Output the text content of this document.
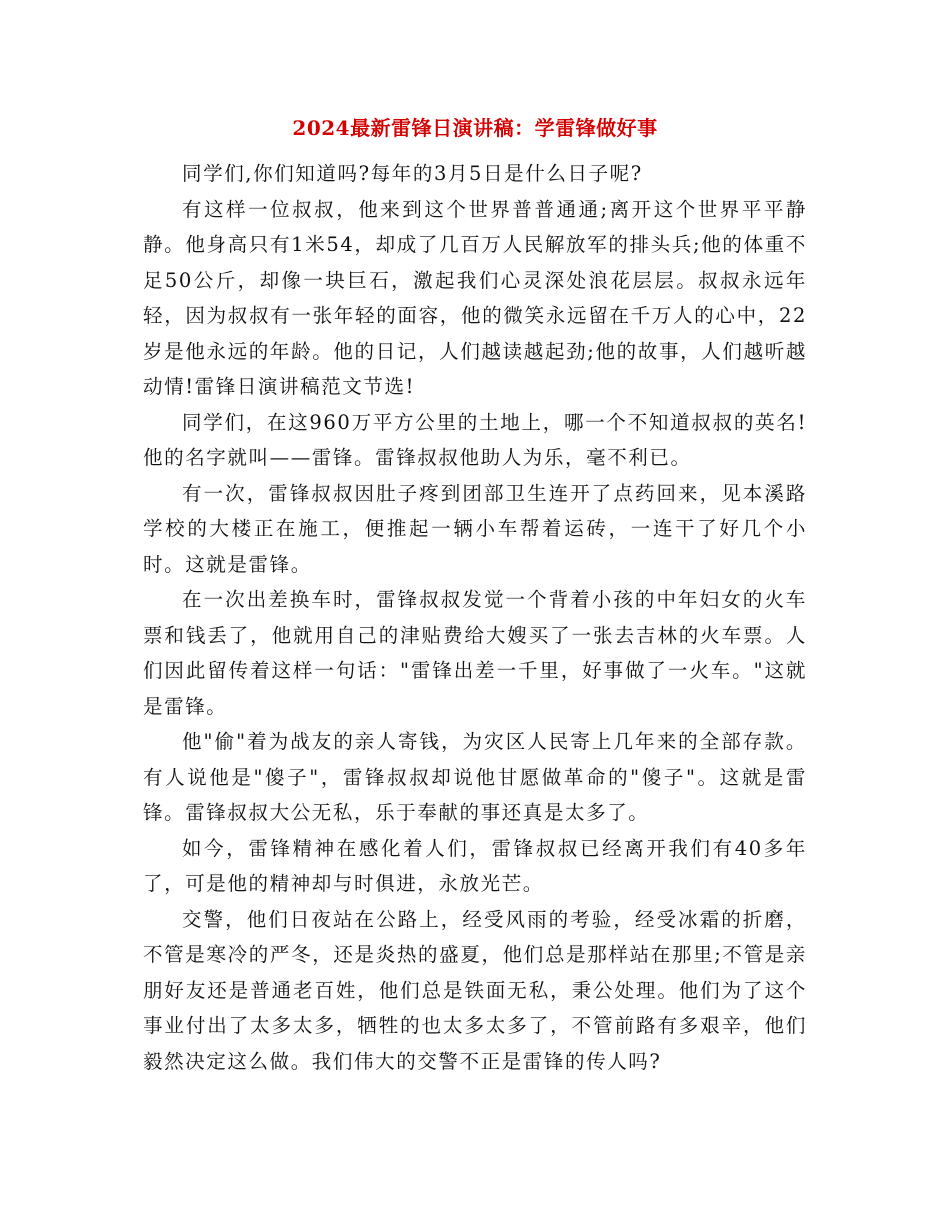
2024最新雷锋日演讲稿：学雷锋做好事

同学们,你们知道吗?每年的3月5日是什么日子呢?

有这样一位叔叔，他来到这个世界普普通通;离开这个世界平平静静。他身高只有1米54，却成了几百万人民解放军的排头兵;他的体重不足50公斤，却像一块巨石，激起我们心灵深处浪花层层。叔叔永远年轻，因为叔叔有一张年轻的面容，他的微笑永远留在千万人的心中，22岁是他永远的年龄。他的日记，人们越读越起劲;他的故事，人们越听越动情!雷锋日演讲稿范文节选!

同学们，在这960万平方公里的土地上，哪一个不知道叔叔的英名!他的名字就叫——雷锋。雷锋叔叔他助人为乐，毫不利已。

有一次，雷锋叔叔因肚子疼到团部卫生连开了点药回来，见本溪路学校的大楼正在施工，便推起一辆小车帮着运砖，一连干了好几个小时。这就是雷锋。

在一次出差换车时，雷锋叔叔发觉一个背着小孩的中年妇女的火车票和钱丢了，他就用自己的津贴费给大嫂买了一张去吉林的火车票。人们因此留传着这样一句话："雷锋出差一千里，好事做了一火车。"这就是雷锋。

他"偷"着为战友的亲人寄钱，为灾区人民寄上几年来的全部存款。有人说他是"傻子"，雷锋叔叔却说他甘愿做革命的"傻子"。这就是雷锋。雷锋叔叔大公无私，乐于奉献的事还真是太多了。

如今，雷锋精神在感化着人们，雷锋叔叔已经离开我们有40多年了，可是他的精神却与时俱进，永放光芒。

交警，他们日夜站在公路上，经受风雨的考验，经受冰霜的折磨，不管是寒冷的严冬，还是炎热的盛夏，他们总是那样站在那里;不管是亲朋好友还是普通老百姓，他们总是铁面无私，秉公处理。他们为了这个事业付出了太多太多，牺牲的也太多太多了，不管前路有多艰辛，他们毅然决定这么做。我们伟大的交警不正是雷锋的传人吗?
